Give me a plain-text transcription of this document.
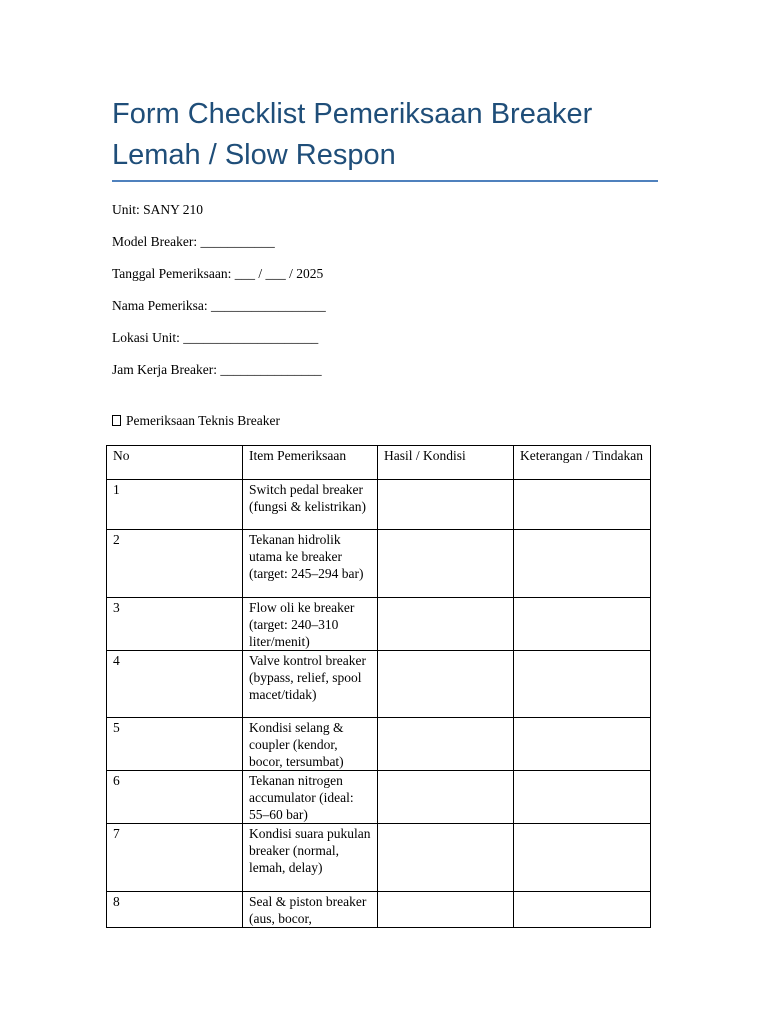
Form Checklist Pemeriksaan Breaker
Lemah / Slow Respon
Unit: SANY 210
Model Breaker: ___________
Tanggal Pemeriksaan: ___ / ___ / 2025
Nama Pemeriksa: _________________
Lokasi Unit: ____________________
Jam Kerja Breaker: _______________
Pemeriksaan Teknis Breaker
No	Item Pemeriksaan	Hasil / Kondisi	Keterangan / Tindakan
1	Switch pedal breaker (fungsi & kelistrikan)		
2	Tekanan hidrolik utama ke breaker (target: 245–294 bar)		
3	Flow oli ke breaker (target: 240–310 liter/menit)		
4	Valve kontrol breaker (bypass, relief, spool macet/tidak)		
5	Kondisi selang & coupler (kendor, bocor, tersumbat)		
6	Tekanan nitrogen accumulator (ideal: 55–60 bar)		
7	Kondisi suara pukulan breaker (normal, lemah, delay)		
8	Seal & piston breaker (aus, bocor,		
